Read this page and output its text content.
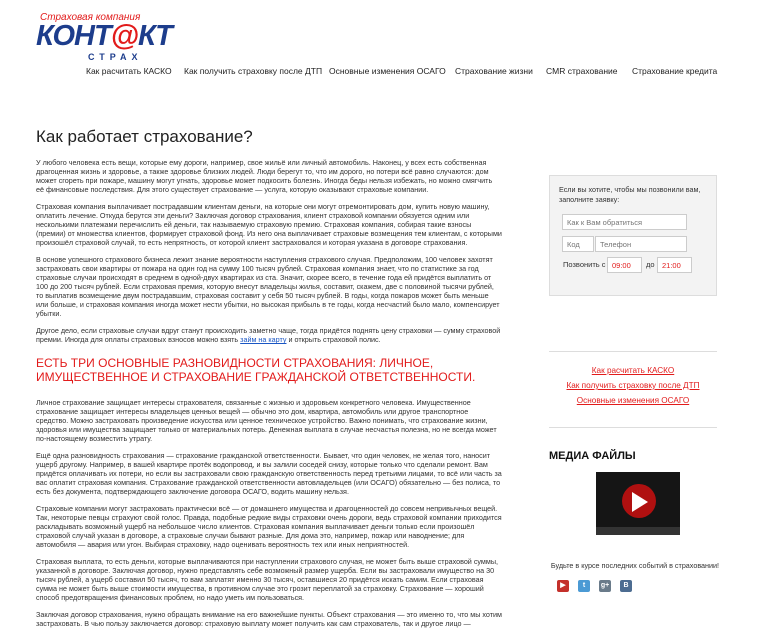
Страховая компания
КОНТ@КТ
СТРАХ
Как расчитать КАСКО Как получить страховку после ДТП Основные изменения ОСАГО Страхование жизни CMR страхование Страхование кредита
Как работает страхование?

У любого человека есть вещи, которые ему дороги, например, свое жильё или личный автомобиль. Наконец, у всех есть собственная драгоценная жизнь и здоровье, а также здоровье близких людей. Люди берегут то, что им дорого, но потери всё равно случаются: дом может сгореть при пожаре, машину могут угнать, здоровье может подкосить болезнь. Иногда беды нельзя избежать, но можно смягчить её финансовые последствия. Для этого существует страхование — услуга, которую оказывают страховые компании.

Страховая компания выплачивает пострадавшим клиентам деньги, на которые они могут отремонтировать дом, купить новую машину, оплатить лечение. Откуда берутся эти деньги? Заключая договор страхования, клиент страховой компании обязуется одним или несколькими платежами перечислить ей деньги, так называемую страховую премию. Страховая компания, собирая такие взносы (премии) от множества клиентов, формирует страховой фонд. Из него она выплачивает страховые возмещения тем клиентам, с которыми произошёл страховой случай, то есть непрятность, от которой клиент застраховался и которая указана в договоре страхования.

В основе успешного страхового бизнеса лежит знание вероятности наступления страхового случая. Предположим, 100 человек захотят застраховать свои квартиры от пожара на один год на сумму 100 тысяч рублей. Страховая компания знает, что по статистике за год страховые случаи происходят в среднем в одной-двух квартирах из ста. Значит, скорее всего, в течение года ей придётся выплатить от 100 до 200 тысяч рублей. Если страховая премия, которую внесут владельцы жилья, составит, скажем, две с половиной тысячи рублей, то выплатив возмещение двум пострадавшим, страховая составит у себя 50 тысяч рублей. В годы, когда пожаров может быть меньше или больше, и страховая компания иногда может нести убытки, но высокая прибыль в те годы, когда несчастий было мало, компенсирует убытки.

Другое дело, если страховые случаи вдруг станут происходить заметно чаще, тогда придётся поднять цену страховки — сумму страховой премии. Иногда для оплаты страховых взносов можно взять займ на карту и открыть страховой полис.

ЕСТЬ ТРИ ОСНОВНЫЕ РАЗНОВИДНОСТИ СТРАХОВАНИЯ: ЛИЧНОЕ, ИМУЩЕСТВЕННОЕ И СТРАХОВАНИЕ ГРАЖДАНСКОЙ ОТВЕТСТВЕННОСТИ.

Личное страхование защищает интересы страхователя, связанные с жизнью и здоровьем конкретного человека. Имущественное страхование защищает интересы владельцев ценных вещей — обычно это дом, квартира, автомобиль или другое транспортное средство. Можно застраховать произведение искусства или ценное техническое устройство. Важно понимать, что страхование жизни, здоровья или имущества защищает только от материальных потерь. Денежная выплата в случае несчастья полезна, но не всегда может по-настоящему возместить утрату.

Ещё одна разновидность страхования — страхование гражданской ответственности. Бывает, что один человек, не желая того, наносит ущерб другому. Например, в вашей квартире протёк водопровод, и вы залили соседей снизу, которые только что сделали ремонт. Вам придётся оплачивать их потери, но если вы застраховали свою гражданскую ответственность перед третьими лицами, то всё или часть за вас оплатит страховая компания. Страхование гражданской ответственности автовладельцев (или ОСАГО) обязательно — без полиса, то есть без документа, подтверждающего заключение договора ОСАГО, водить машину нельзя.

Страховые компании могут застраховать практически всё — от домашнего имущества и драгоценностей до совсем непривычных вещей. Так, некоторые певцы страхуют свой голос. Правда, подобные редкие виды страховки очень дороги, ведь страховой компании приходится раскладывать возможный ущерб на небольшое число клиентов. Страховая компания выплачивает деньги только если произошёл страховой случай указан в договоре, а страховые случаи бывают разные. Для дома это, например, пожар или наводнение; для автомобиля — авария или угон. Выбирая страховку, надо оценивать вероятность тех или иных неприятностей.

Страховая выплата, то есть деньги, которые выплачиваются при наступлении страхового случая, не может быть выше страховой суммы, указанной в договоре. Заключая договор, нужно представлять себе возможный размер ущерба. Если вы застраховали имущество на 30 тысяч рублей, а ущерб составил 50 тысяч, то вам заплатят именно 30 тысяч, оставшиеся 20 придётся искать самим. Если страховая сумма не может быть выше стоимости имущества, в противном случае это грозит переплатой за страховку. Страхование — хороший способ предотвращения финансовых проблем, но надо уметь им пользоваться.

Заключая договор страхования, нужно обращать внимание на его важнейшие пункты. Объект страхования — это именно то, что мы хотим застраховать. В чью пользу заключается договор: страховую выплату может получить как сам страхователь, так и другое лицо —

Если вы хотите, чтобы мы позвонили вам, заполните заявку:
Как к Вам обратиться
Код
Телефон
Позвонить с
09:00	до
21:00
Как расчитать КАСКО
Как получить страховку после ДТП
Основные изменения ОСАГО
МЕДИА ФАЙЛЫ
Будьте в курсе последних событий в страховании!
▶	t	g+	B
